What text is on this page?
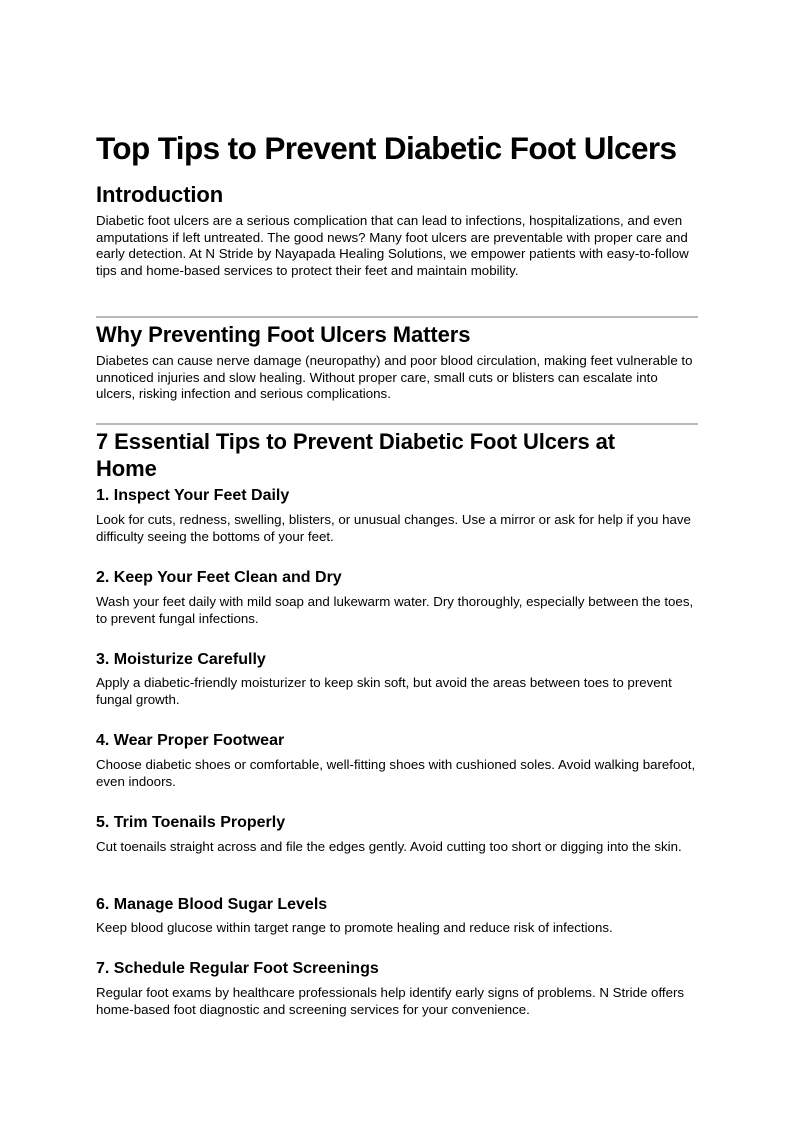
Top Tips to Prevent Diabetic Foot Ulcers
Introduction

Diabetic foot ulcers are a serious complication that can lead to infections, hospitalizations, and even amputations if left untreated. The good news? Many foot ulcers are preventable with proper care and early detection. At N Stride by Nayapada Healing Solutions, we empower patients with easy-to-follow tips and home-based services to protect their feet and maintain mobility.

Why Preventing Foot Ulcers Matters

Diabetes can cause nerve damage (neuropathy) and poor blood circulation, making feet vulnerable to unnoticed injuries and slow healing. Without proper care, small cuts or blisters can escalate into ulcers, risking infection and serious complications.

7 Essential Tips to Prevent Diabetic Foot Ulcers at Home
1. Inspect Your Feet Daily

Look for cuts, redness, swelling, blisters, or unusual changes. Use a mirror or ask for help if you have difficulty seeing the bottoms of your feet.

2. Keep Your Feet Clean and Dry

Wash your feet daily with mild soap and lukewarm water. Dry thoroughly, especially between the toes, to prevent fungal infections.

3. Moisturize Carefully

Apply a diabetic-friendly moisturizer to keep skin soft, but avoid the areas between toes to prevent fungal growth.

4. Wear Proper Footwear

Choose diabetic shoes or comfortable, well-fitting shoes with cushioned soles. Avoid walking barefoot, even indoors.

5. Trim Toenails Properly

Cut toenails straight across and file the edges gently. Avoid cutting too short or digging into the skin.

6. Manage Blood Sugar Levels

Keep blood glucose within target range to promote healing and reduce risk of infections.

7. Schedule Regular Foot Screenings

Regular foot exams by healthcare professionals help identify early signs of problems. N Stride offers home-based foot diagnostic and screening services for your convenience.
